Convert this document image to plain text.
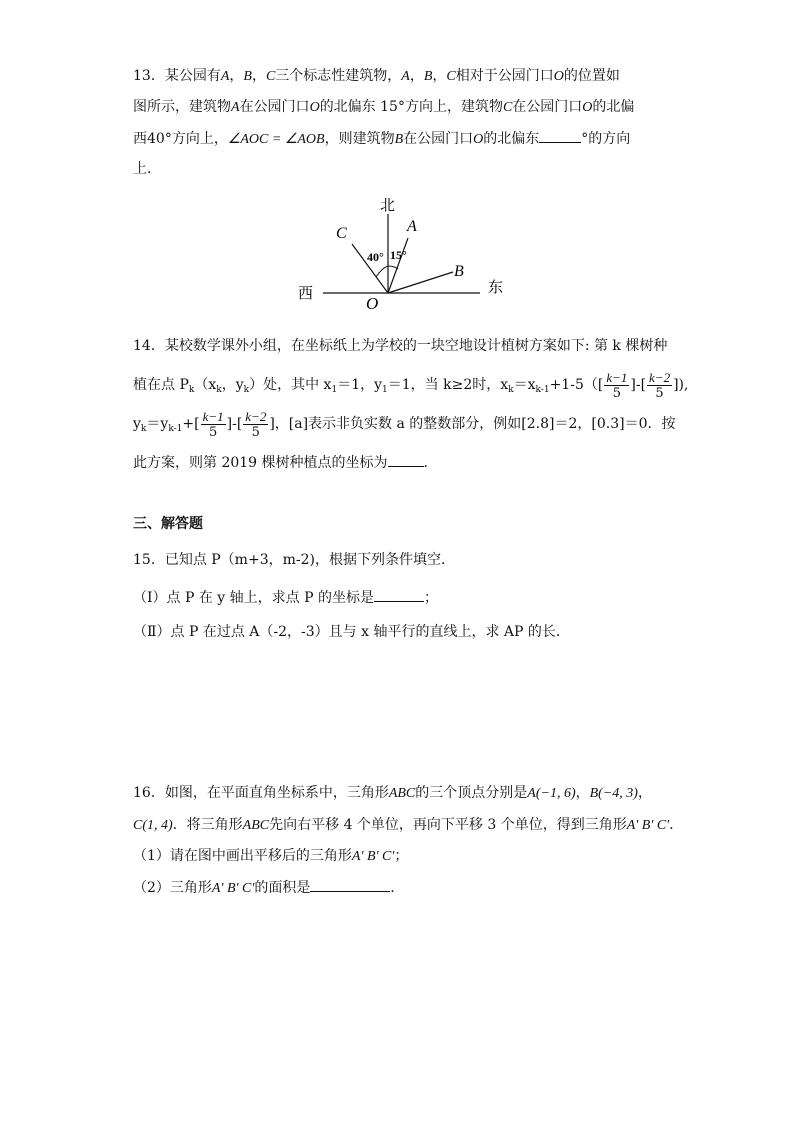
13．某公园有A，B，C三个标志性建筑物，A，B，C相对于公园门口O的位置如
图所示，建筑物A在公园门口O的北偏东 15°方向上，建筑物C在公园门口O的北偏
西40°方向上，∠AOC = ∠AOB，则建筑物B在公园门口O的北偏东	°的方向
上．
北
西	东
C	A
B
O
40° 15°
14．某校数学课外小组，在坐标纸上为学校的一块空地设计植树方案如下: 第 k 棵树种
植在点 $P_k(x_k$，$y_k$）处，其中 $x_1=1$，$y_1=1$，当 k≥2时，$x_k=x_{k-1}+1-5([ \frac{k-1}{5}$ ]-[ $\frac{k-2}{5}$ ]),
$y_k=y_{k-1}+[ \frac{k-1}{5}$ ]-[ $\frac{k-2}{5}$ ]，[a]表示非负实数 a 的整数部分，例如[2.8]＝2，[0.3]＝0．按
此方案，则第 2019 棵树种植点的坐标为	．
三、解答题
15．已知点 P（m+3，m-2)，根据下列条件填空．
（Ⅰ）点 P 在 y 轴上，求点 P 的坐标是	；
（Ⅱ）点 P 在过点 A（-2，-3）且与 x 轴平行的直线上，求 AP 的长．
16．如图，在平面直角坐标系中，三角形ABC的三个顶点分别是A(−1, 6)，B(−4, 3)，
C(1, 4)．将三角形ABC先向右平移 4 个单位，再向下平移 3 个单位，得到三角形A' B' C'．
（1）请在图中画出平移后的三角形A' B' C'；
（2）三角形A' B' C'的面积是	．
